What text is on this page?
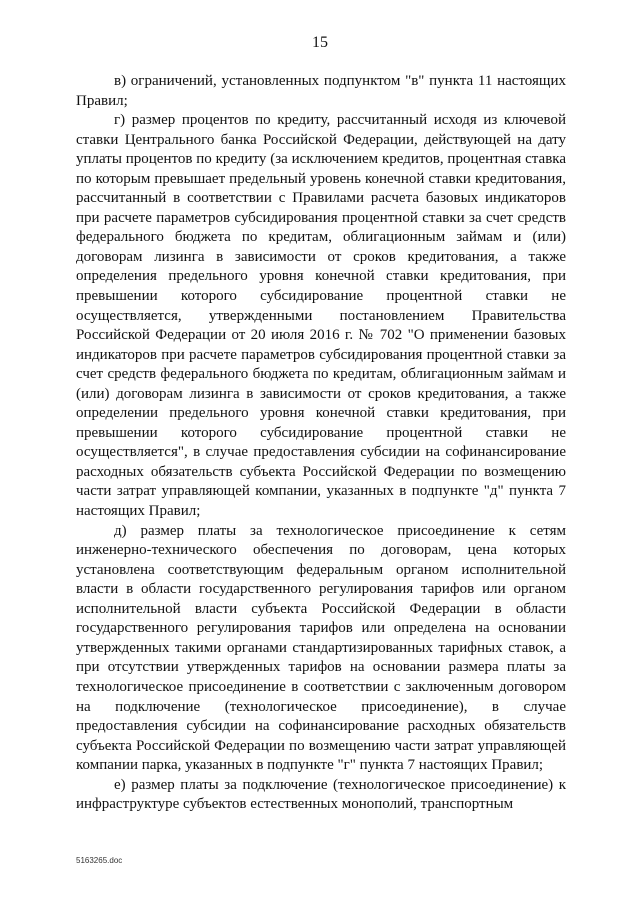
15

в) ограничений, установленных подпунктом "в" пункта 11 настоящих Правил;

г) размер процентов по кредиту, рассчитанный исходя из ключевой ставки Центрального банка Российской Федерации, действующей на дату уплаты процентов по кредиту (за исключением кредитов, процентная ставка по которым превышает предельный уровень конечной ставки кредитования, рассчитанный в соответствии с Правилами расчета базовых индикаторов при расчете параметров субсидирования процентной ставки за счет средств федерального бюджета по кредитам, облигационным займам и (или) договорам лизинга в зависимости от сроков кредитования, а также определения предельного уровня конечной ставки кредитования, при превышении которого субсидирование процентной ставки не осуществляется, утвержденными постановлением Правительства Российской Федерации от 20 июля 2016 г. № 702 "О применении базовых индикаторов при расчете параметров субсидирования процентной ставки за счет средств федерального бюджета по кредитам, облигационным займам и (или) договорам лизинга в зависимости от сроков кредитования, а также определении предельного уровня конечной ставки кредитования, при превышении которого субсидирование процентной ставки не осуществляется", в случае предоставления субсидии на софинансирование расходных обязательств субъекта Российской Федерации по возмещению части затрат управляющей компании, указанных в подпункте "д" пункта 7 настоящих Правил;

д) размер платы за технологическое присоединение к сетям инженерно-технического обеспечения по договорам, цена которых установлена соответствующим федеральным органом исполнительной власти в области государственного регулирования тарифов или органом исполнительной власти субъекта Российской Федерации в области государственного регулирования тарифов или определена на основании утвержденных такими органами стандартизированных тарифных ставок, а при отсутствии утвержденных тарифов на основании размера платы за технологическое присоединение в соответствии с заключенным договором на подключение (технологическое присоединение), в случае предоставления субсидии на софинансирование расходных обязательств субъекта Российской Федерации по возмещению части затрат управляющей компании парка, указанных в подпункте "г" пункта 7 настоящих Правил;

е) размер платы за подключение (технологическое присоединение) к инфраструктуре субъектов естественных монополий, транспортным

5163265.doc
